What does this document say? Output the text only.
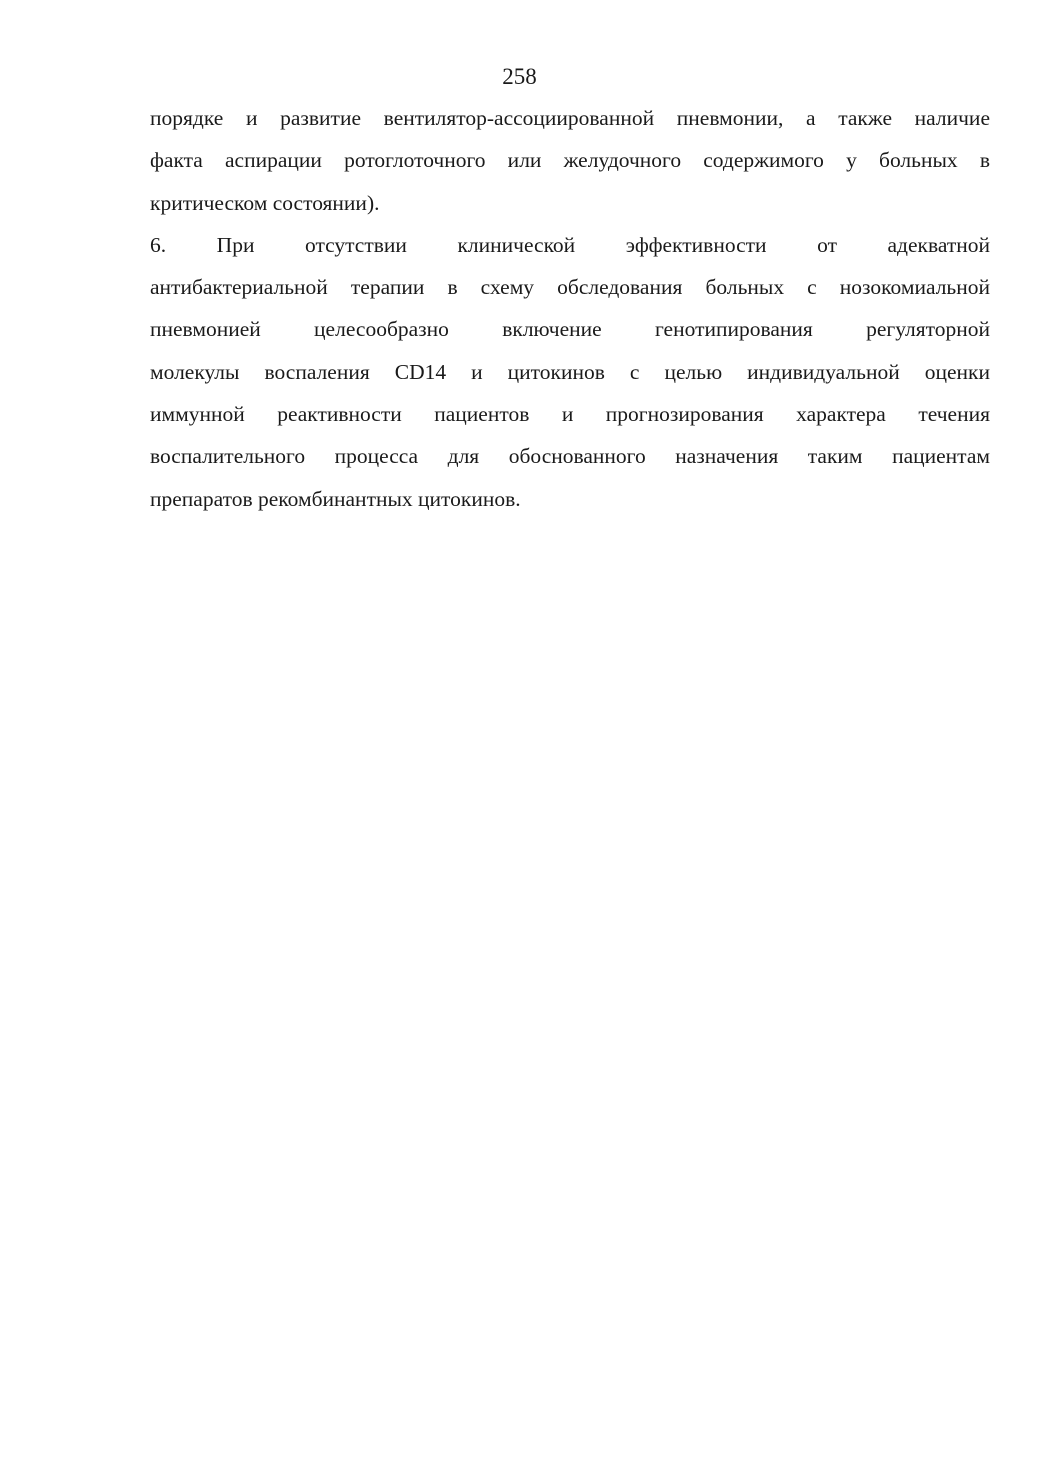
258
порядке и развитие вентилятор-ассоциированной пневмонии, а также наличие
факта аспирации ротоглоточного или желудочного содержимого у больных в
критическом состоянии).
6. При отсутствии клинической эффективности от адекватной
антибактериальной терапии в схему обследования больных с нозокомиальной
пневмонией целесообразно включение генотипирования регуляторной
молекулы воспаления CD14 и цитокинов с целью индивидуальной оценки
иммунной реактивности пациентов и прогнозирования характера течения
воспалительного процесса для обоснованного назначения таким пациентам
препаратов рекомбинантных цитокинов.
